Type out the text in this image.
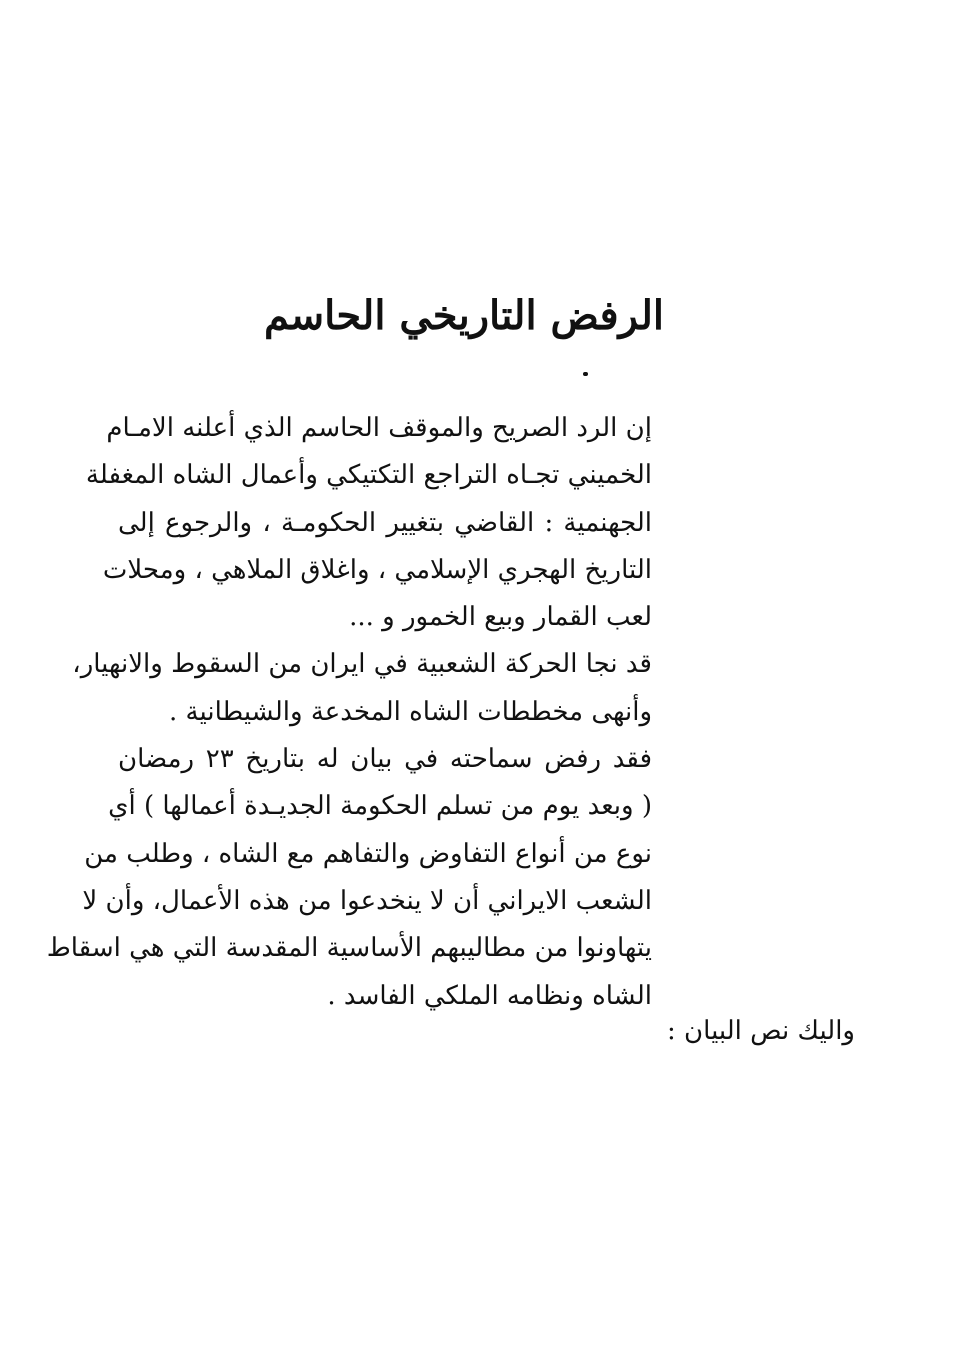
الرفض التاريخي الحاسم
إن الرد الصريح والموقف الحاسم الذي أعلنه الامـام
الخميني تجـاه التراجع التكتيكي وأعمال الشاه المغفلة
الجهنمية : القاضي بتغيير الحكومـة ، والرجوع إلى
التاريخ الهجري الإسلامي ، واغلاق الملاهي ، ومحلات
لعب القمار وبيع الخمور و ...
قد نجا الحركة الشعبية في ايران من السقوط والانهيار،
وأنهى مخططات الشاه المخدعة والشيطانية .
فقد رفض سماحته في بيان له بتاريخ ٢٣ رمضان
( وبعد يوم من تسلم الحكومة الجديـدة أعمالها ) أي
نوع من أنواع التفاوض والتفاهم مع الشاه ، وطلب من
الشعب الايراني أن لا ينخدعوا من هذه الأعمال، وأن لا
يتهاونوا من مطاليبهم الأساسية المقدسة التي هي اسقاط
الشاه ونظامه الملكي الفاسد .
واليك نص البيان :
